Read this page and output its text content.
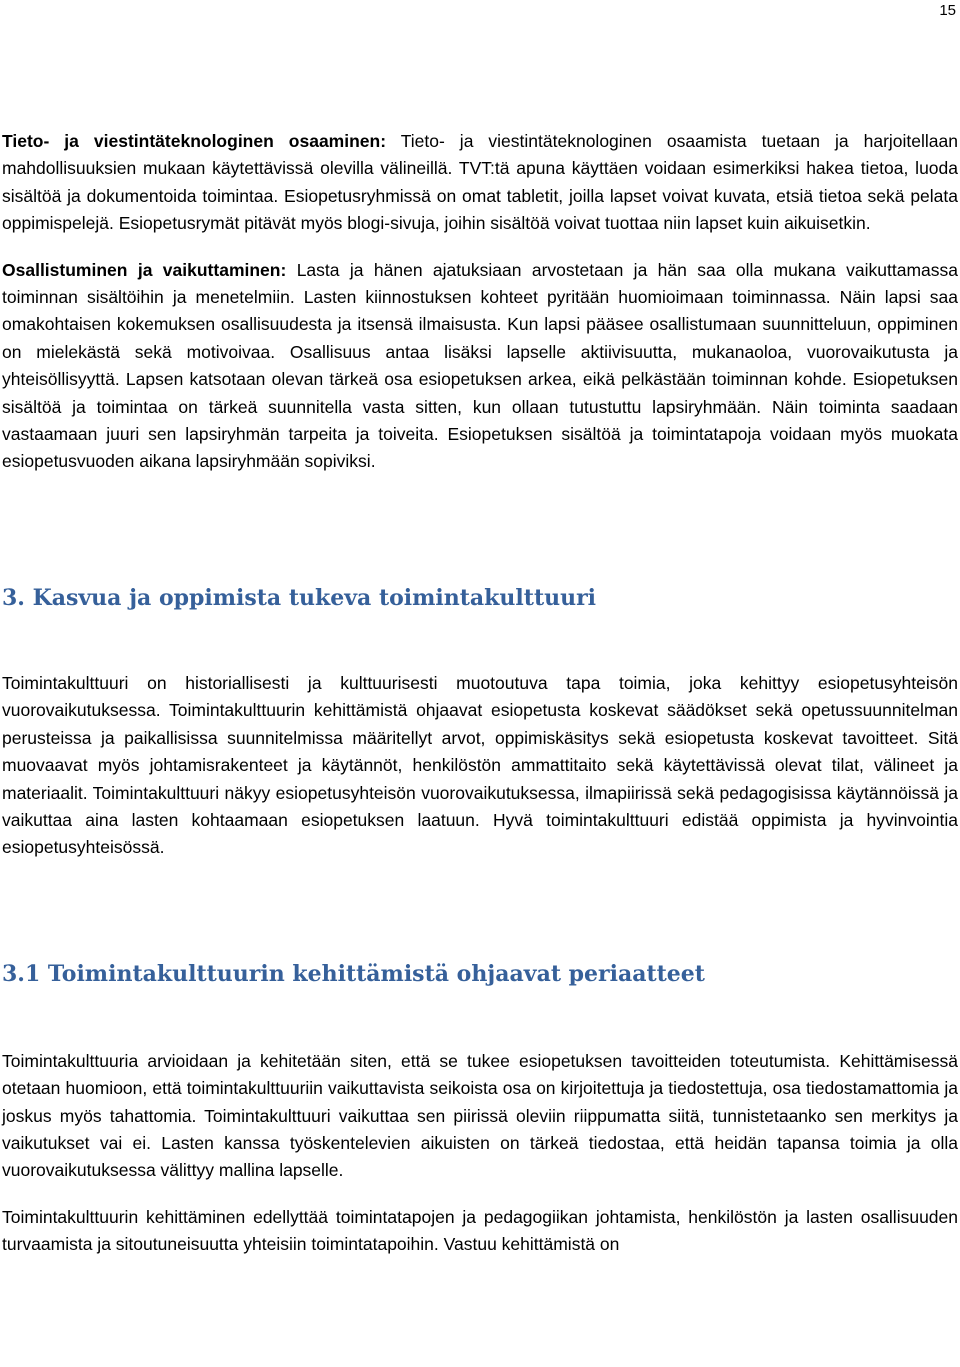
15

Tieto- ja viestintäteknologinen osaaminen: Tieto- ja viestintäteknologinen osaamista tuetaan ja harjoitellaan mahdollisuuksien mukaan käytettävissä olevilla välineillä. TVT:tä apuna käyttäen voidaan esimerkiksi hakea tietoa, luoda sisältöä ja dokumentoida toimintaa. Esiopetusryhmissä on omat tabletit, joilla lapset voivat kuvata, etsiä tietoa sekä pelata oppimispelejä. Esiopetusrymät pitävät myös blogi-sivuja, joihin sisältöä voivat tuottaa niin lapset kuin aikuisetkin.

Osallistuminen ja vaikuttaminen: Lasta ja hänen ajatuksiaan arvostetaan ja hän saa olla mukana vaikuttamassa toiminnan sisältöihin ja menetelmiin. Lasten kiinnostuksen kohteet pyritään huomioimaan toiminnassa. Näin lapsi saa omakohtaisen kokemuksen osallisuudesta ja itsensä ilmaisusta. Kun lapsi pääsee osallistumaan suunnitteluun, oppiminen on mielekästä sekä motivoivaa. Osallisuus antaa lisäksi lapselle aktiivisuutta, mukanaoloa, vuorovaikutusta ja yhteisöllisyyttä. Lapsen katsotaan olevan tärkeä osa esiopetuksen arkea, eikä pelkästään toiminnan kohde. Esiopetuksen sisältöä ja toimintaa on tärkeä suunnitella vasta sitten, kun ollaan tutustuttu lapsiryhmään. Näin toiminta saadaan vastaamaan juuri sen lapsiryhmän tarpeita ja toiveita. Esiopetuksen sisältöä ja toimintatapoja voidaan myös muokata esiopetusvuoden aikana lapsiryhmään sopiviksi.

3. Kasvua ja oppimista tukeva toimintakulttuuri

Toimintakulttuuri on historiallisesti ja kulttuurisesti muotoutuva tapa toimia, joka kehittyy esiopetusyhteisön vuorovaikutuksessa. Toimintakulttuurin kehittämistä ohjaavat esiopetusta koskevat säädökset sekä opetussuunnitelman perusteissa ja paikallisissa suunnitelmissa määritellyt arvot, oppimiskäsitys sekä esiopetusta koskevat tavoitteet. Sitä muovaavat myös johtamisrakenteet ja käytännöt, henkilöstön ammattitaito sekä käytettävissä olevat tilat, välineet ja materiaalit. Toimintakulttuuri näkyy esiopetusyhteisön vuorovaikutuksessa, ilmapiirissä sekä pedagogisissa käytännöissä ja vaikuttaa aina lasten kohtaamaan esiopetuksen laatuun. Hyvä toimintakulttuuri edistää oppimista ja hyvinvointia esiopetusyhteisössä.

3.1 Toimintakulttuurin kehittämistä ohjaavat periaatteet

Toimintakulttuuria arvioidaan ja kehitetään siten, että se tukee esiopetuksen tavoitteiden toteutumista. Kehittämisessä otetaan huomioon, että toimintakulttuuriin vaikuttavista seikoista osa on kirjoitettuja ja tiedostettuja, osa tiedostamattomia ja joskus myös tahattomia. Toimintakulttuuri vaikuttaa sen piirissä oleviin riippumatta siitä, tunnistetaanko sen merkitys ja vaikutukset vai ei. Lasten kanssa työskentelevien aikuisten on tärkeä tiedostaa, että heidän tapansa toimia ja olla vuorovaikutuksessa välittyy mallina lapselle.

Toimintakulttuurin kehittäminen edellyttää toimintatapojen ja pedagogiikan johtamista, henkilöstön ja lasten osallisuuden turvaamista ja sitoutuneisuutta yhteisiin toimintatapoihin. Vastuu kehittämistä on
